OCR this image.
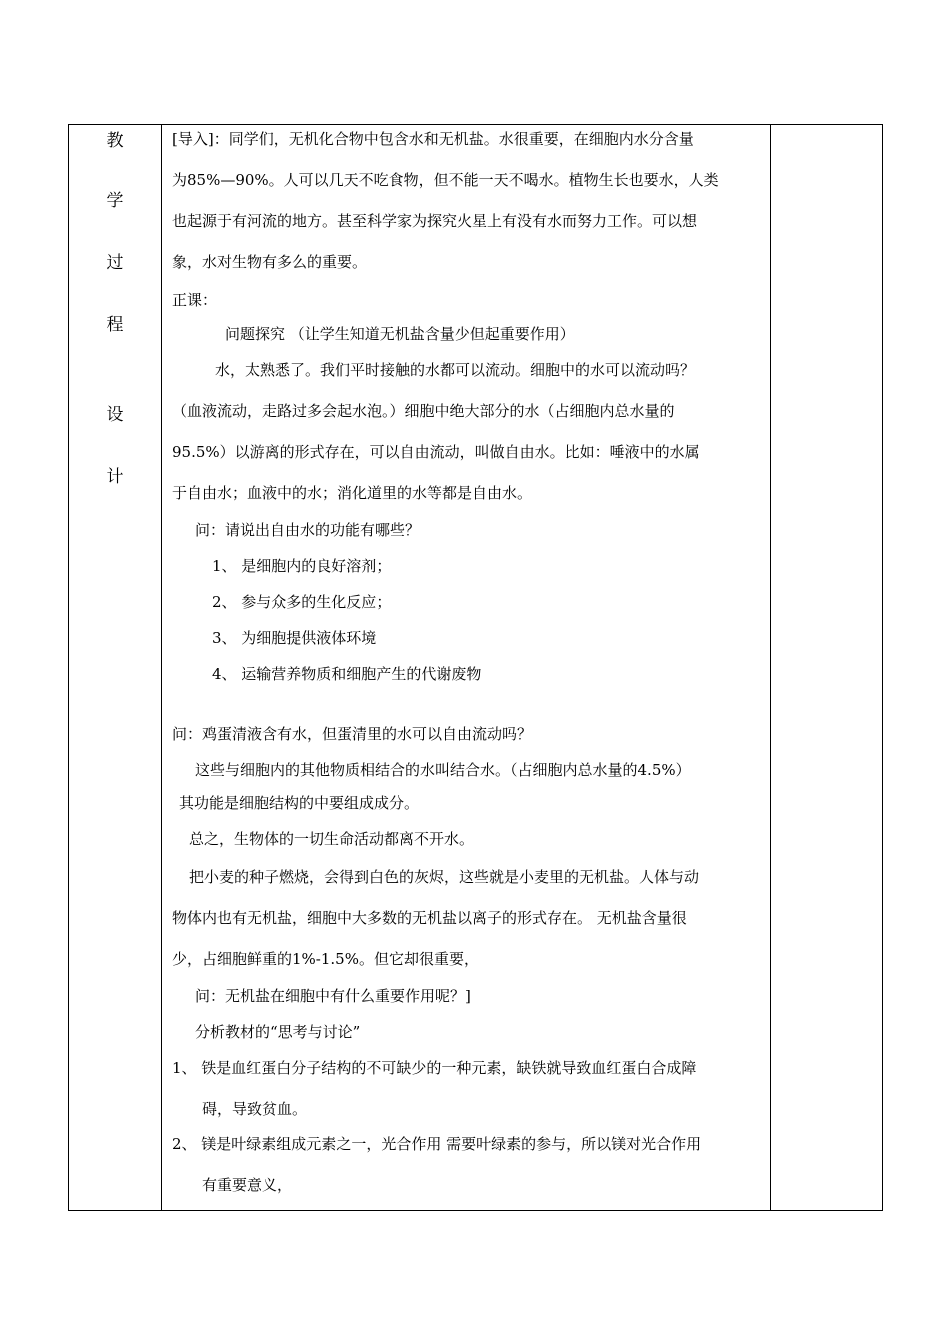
教
学
过
程
设
计
[导入]：同学们，无机化合物中包含水和无机盐。水很重要，在细胞内水分含量
为85%—90%。人可以几天不吃食物，但不能一天不喝水。植物生长也要水，人类
也起源于有河流的地方。甚至科学家为探究火星上有没有水而努力工作。可以想
象，水对生物有多么的重要。
正课：
问题探究 （让学生知道无机盐含量少但起重要作用）
水，太熟悉了。我们平时接触的水都可以流动。细胞中的水可以流动吗？
（血液流动，走路过多会起水泡。）细胞中绝大部分的水（占细胞内总水量的
95.5%）以游离的形式存在，可以自由流动，叫做自由水。比如：唾液中的水属
于自由水；血液中的水；消化道里的水等都是自由水。
问：请说出自由水的功能有哪些？
1、 是细胞内的良好溶剂；
2、 参与众多的生化反应；
3、 为细胞提供液体环境
4、 运输营养物质和细胞产生的代谢废物
问：鸡蛋清液含有水，但蛋清里的水可以自由流动吗？
这些与细胞内的其他物质相结合的水叫结合水。（占细胞内总水量的4.5%）
其功能是细胞结构的中要组成成分。
总之，生物体的一切生命活动都离不开水。
把小麦的种子燃烧，会得到白色的灰烬，这些就是小麦里的无机盐。人体与动
物体内也有无机盐，细胞中大多数的无机盐以离子的形式存在。 无机盐含量很
少，占细胞鲜重的1%-1.5%。但它却很重要，
问：无机盐在细胞中有什么重要作用呢？]
分析教材的“思考与讨论”
1、 铁是血红蛋白分子结构的不可缺少的一种元素，缺铁就导致血红蛋白合成障
碍，导致贫血。
2、 镁是叶绿素组成元素之一，光合作用 需要叶绿素的参与，所以镁对光合作用
有重要意义，
